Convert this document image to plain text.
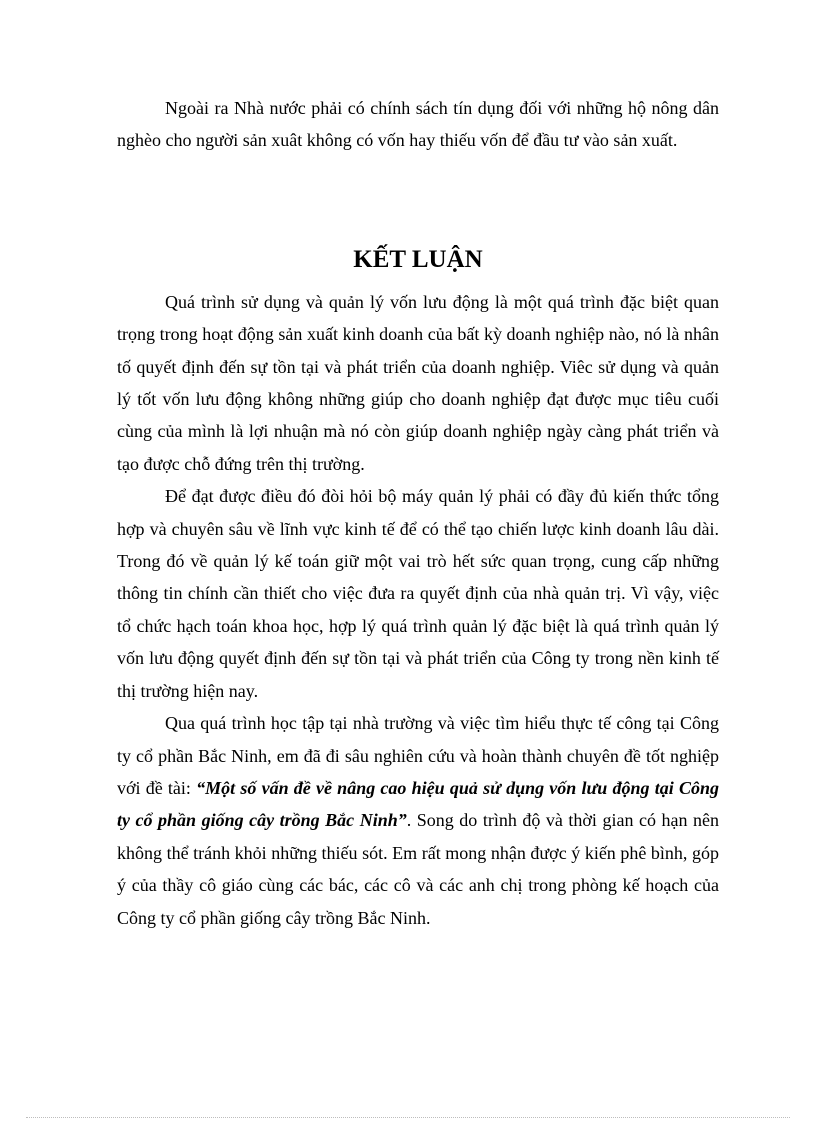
Ngoài ra Nhà nước phải có chính sách tín dụng đối với những hộ nông dân nghèo cho người sản xuât không có vốn hay thiếu vốn để đầu tư vào sản xuất.

KẾT LUẬN

Quá trình sử dụng và quản lý vốn lưu động là một quá trình đặc biệt quan trọng trong hoạt động sản xuất kinh doanh của bất kỳ doanh nghiệp nào, nó là nhân tố quyết định đến sự tồn tại và phát triển của doanh nghiệp. Viêc sử dụng và quản lý tốt vốn lưu động không những giúp cho doanh nghiệp đạt được mục tiêu cuối cùng của mình là lợi nhuận mà nó còn giúp doanh nghiệp ngày càng phát triển và tạo được chỗ đứng trên thị trường.

Để đạt được điều đó đòi hỏi bộ máy quản lý phải có đầy đủ kiến thức tổng hợp và chuyên sâu về lĩnh vực kinh tế để có thể tạo chiến lược kinh doanh lâu dài. Trong đó về quản lý kế toán giữ một vai trò hết sức quan trọng, cung cấp những thông tin chính cần thiết cho việc đưa ra quyết định của nhà quản trị. Vì vậy, việc tổ chức hạch toán khoa học, hợp lý quá trình quản lý đặc biệt là quá trình quản lý vốn lưu động quyết định đến sự tồn tại và phát triển của Công ty trong nền kinh tế thị trường hiện nay.

Qua quá trình học tập tại nhà trường và việc tìm hiểu thực tế công tại Công ty cổ phần Bắc Ninh, em đã đi sâu nghiên cứu và hoàn thành chuyên đề tốt nghiệp với đề tài: “Một số vấn đề về nâng cao hiệu quả sử dụng vốn lưu động tại Công ty cổ phần giống cây trồng Bắc Ninh”. Song do trình độ và thời gian có hạn nên không thể tránh khỏi những thiếu sót. Em rất mong nhận được ý kiến phê bình, góp ý của thầy cô giáo cùng các bác, các cô và các anh chị trong phòng kế hoạch của Công ty cổ phần giống cây trồng Bắc Ninh.
